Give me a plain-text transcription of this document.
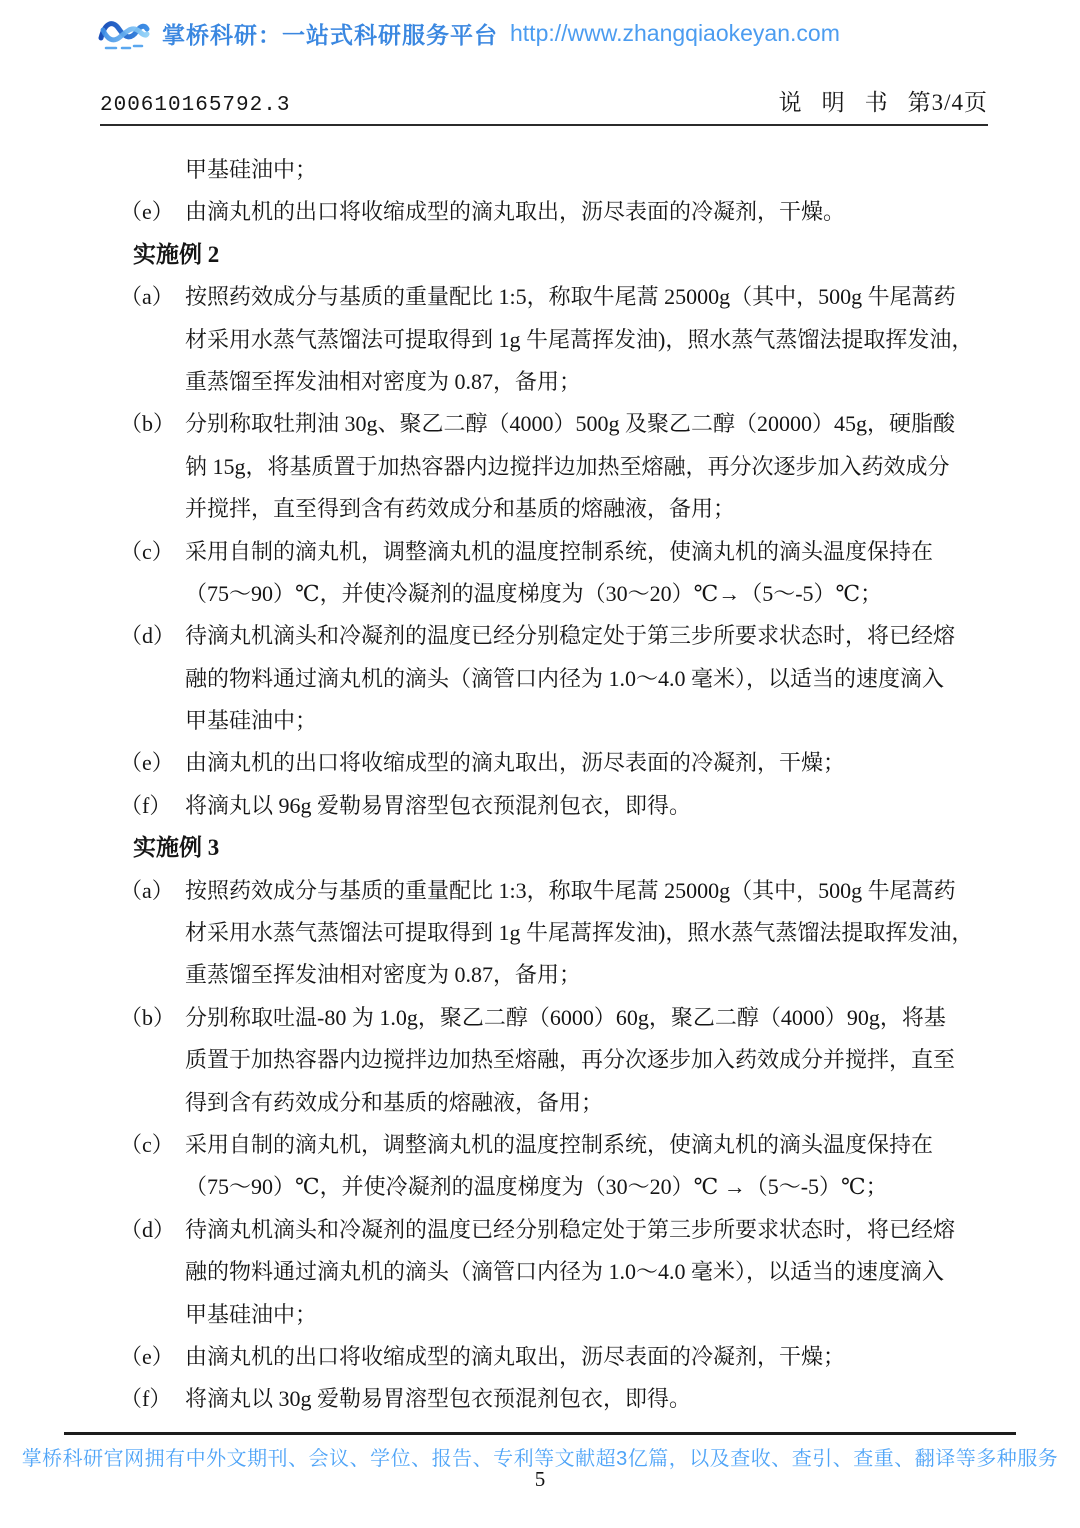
掌桥科研：一站式科研服务平台 http://www.zhangqiaokeyan.com
200610165792.3	说明书第3/4页
甲基硅油中；
（e） 由滴丸机的出口将收缩成型的滴丸取出，沥尽表面的冷凝剂，干燥。
实施例 2
（a） 按照药效成分与基质的重量配比 1:5，称取牛尾蒿 25000g（其中，500g 牛尾蒿药
材采用水蒸气蒸馏法可提取得到 1g 牛尾蒿挥发油)，照水蒸气蒸馏法提取挥发油，
重蒸馏至挥发油相对密度为 0.87，备用；
（b） 分别称取牡荆油 30g、聚乙二醇（4000）500g 及聚乙二醇（20000）45g，硬脂酸
钠 15g，将基质置于加热容器内边搅拌边加热至熔融，再分次逐步加入药效成分
并搅拌，直至得到含有药效成分和基质的熔融液，备用；
（c） 采用自制的滴丸机，调整滴丸机的温度控制系统，使滴丸机的滴头温度保持在
（75～90）℃，并使冷凝剂的温度梯度为（30～20）℃→（5～-5）℃；
（d） 待滴丸机滴头和冷凝剂的温度已经分别稳定处于第三步所要求状态时，将已经熔
融的物料通过滴丸机的滴头（滴管口内径为 1.0～4.0 毫米），以适当的速度滴入
甲基硅油中；
（e） 由滴丸机的出口将收缩成型的滴丸取出，沥尽表面的冷凝剂，干燥；
（f） 将滴丸以 96g 爱勒易胃溶型包衣预混剂包衣，即得。
实施例 3
（a） 按照药效成分与基质的重量配比 1:3，称取牛尾蒿 25000g（其中，500g 牛尾蒿药
材采用水蒸气蒸馏法可提取得到 1g 牛尾蒿挥发油)，照水蒸气蒸馏法提取挥发油，
重蒸馏至挥发油相对密度为 0.87，备用；
（b） 分别称取吐温-80 为 1.0g，聚乙二醇（6000）60g，聚乙二醇（4000）90g，将基
质置于加热容器内边搅拌边加热至熔融，再分次逐步加入药效成分并搅拌，直至
得到含有药效成分和基质的熔融液，备用；
（c） 采用自制的滴丸机，调整滴丸机的温度控制系统，使滴丸机的滴头温度保持在
（75～90）℃，并使冷凝剂的温度梯度为（30～20）℃ →（5～-5）℃；
（d） 待滴丸机滴头和冷凝剂的温度已经分别稳定处于第三步所要求状态时，将已经熔
融的物料通过滴丸机的滴头（滴管口内径为 1.0～4.0 毫米），以适当的速度滴入
甲基硅油中；
（e） 由滴丸机的出口将收缩成型的滴丸取出，沥尽表面的冷凝剂，干燥；
（f） 将滴丸以 30g 爱勒易胃溶型包衣预混剂包衣，即得。
掌桥科研官网拥有中外文期刊、会议、学位、报告、专利等文献超3亿篇，以及查收、查引、查重、翻译等多种服务
5
